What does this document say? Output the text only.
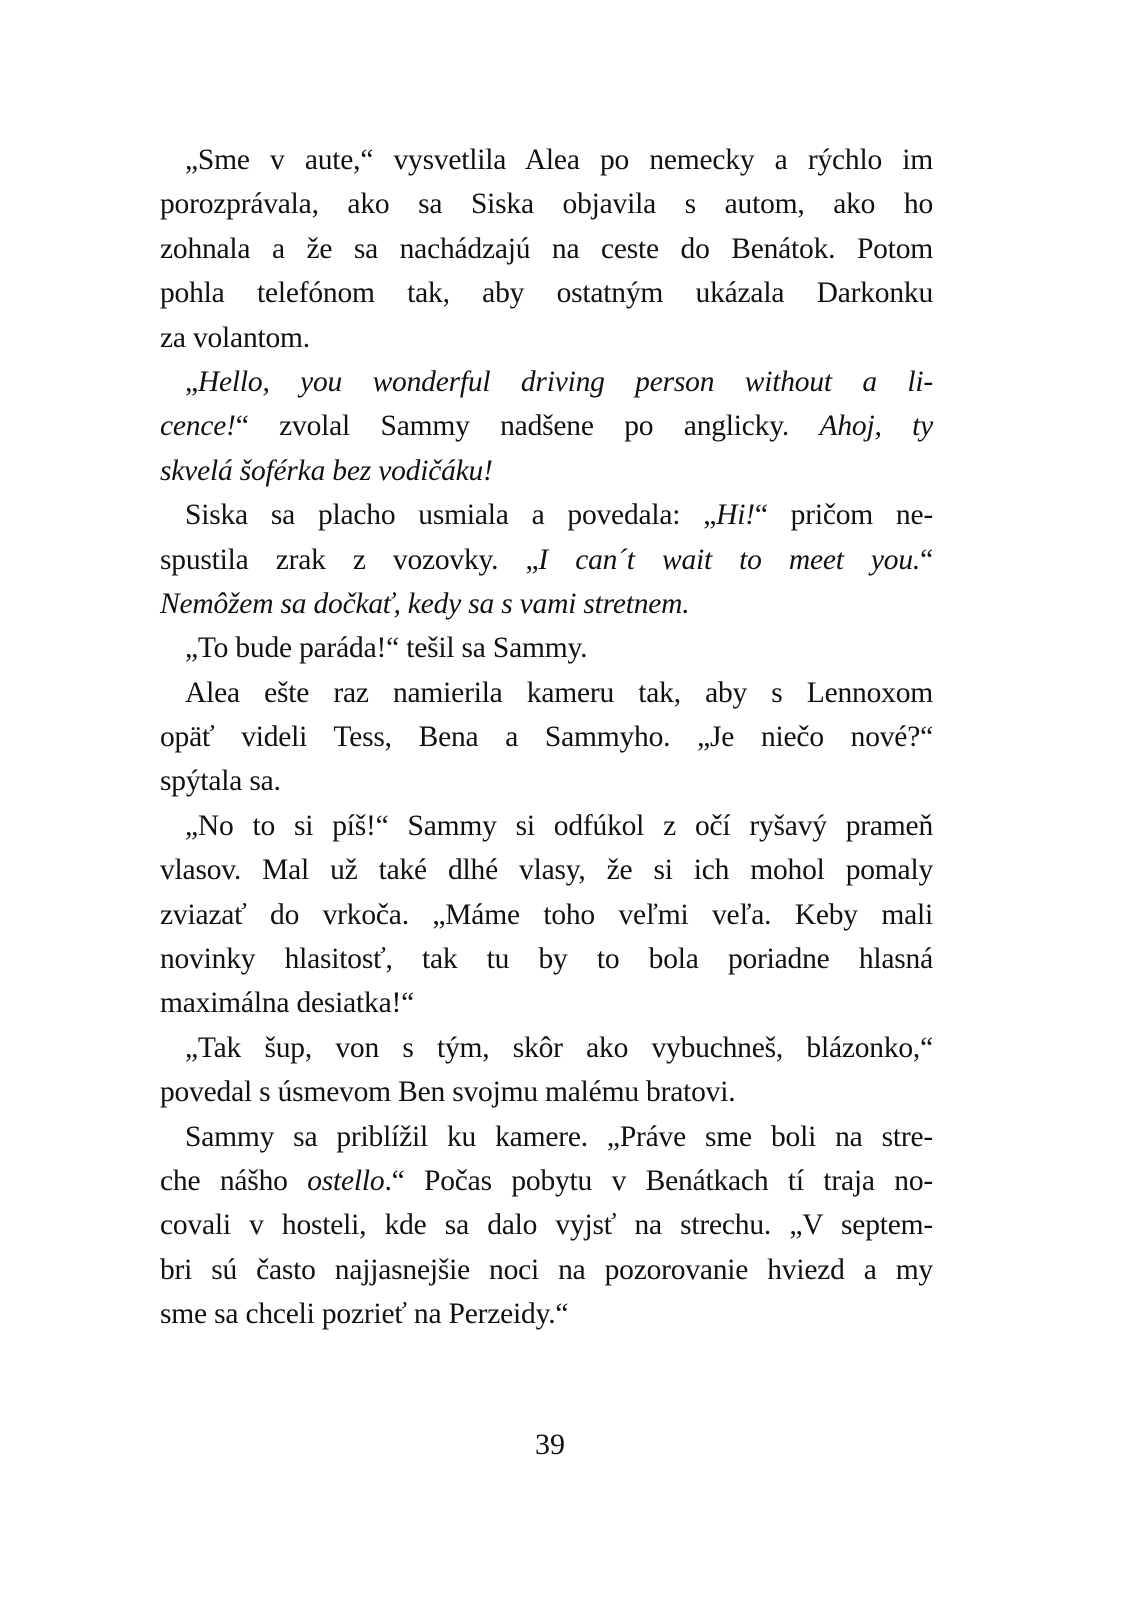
„Sme v aute,“ vysvetlila Alea po nemecky a rýchlo im
porozprávala, ako sa Siska objavila s autom, ako ho
zohnala a že sa nachádzajú na ceste do Benátok. Potom
pohla telefónom tak, aby ostatným ukázala Darkonku
za volantom.
„Hello, you wonderful driving person without a li-
cence!“ zvolal Sammy nadšene po anglicky. Ahoj, ty
skvelá šoférka bez vodičáku!
Siska sa placho usmiala a povedala: „Hi!“ pričom ne-
spustila zrak z vozovky. „I can´t wait to meet you.“
Nemôžem sa dočkať, kedy sa s vami stretnem.
„To bude paráda!“ tešil sa Sammy.
Alea ešte raz namierila kameru tak, aby s Lennoxom
opäť videli Tess, Bena a Sammyho. „Je niečo nové?“
spýtala sa.
„No to si píš!“ Sammy si odfúkol z očí ryšavý prameň
vlasov. Mal už také dlhé vlasy, že si ich mohol pomaly
zviazať do vrkoča. „Máme toho veľmi veľa. Keby mali
novinky hlasitosť, tak tu by to bola poriadne hlasná
maximálna desiatka!“
„Tak šup, von s tým, skôr ako vybuchneš, blázonko,“
povedal s úsmevom Ben svojmu malému bratovi.
Sammy sa priblížil ku kamere. „Práve sme boli na stre-
che nášho ostello.“ Počas pobytu v Benátkach tí traja no-
covali v hosteli, kde sa dalo vyjsť na strechu. „V septem-
bri sú často najjasnejšie noci na pozorovanie hviezd a my
sme sa chceli pozrieť na Perzeidy.“
39
